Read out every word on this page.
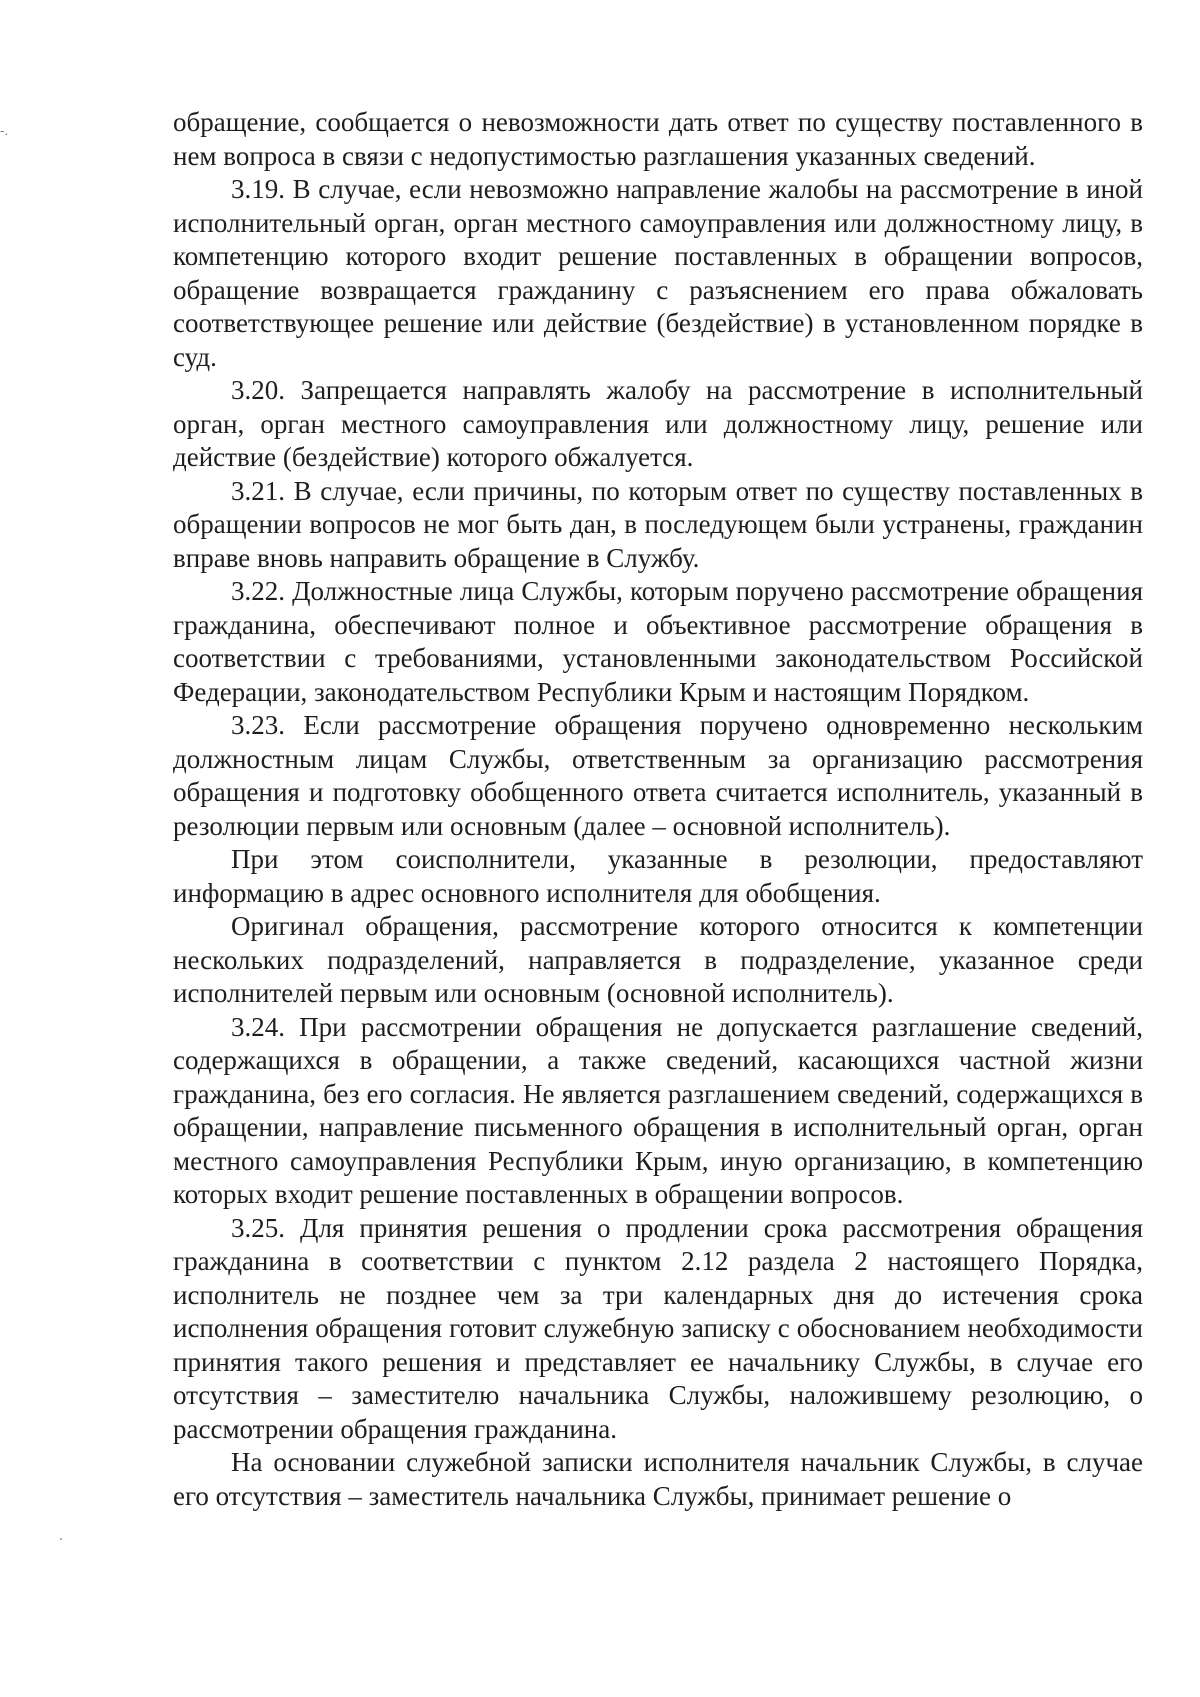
-.	обращение, сообщается о невозможности дать ответ по существу поставленного в нем вопроса в связи с недопустимостью разглашения указанных сведений.

3.19. В случае, если невозможно направление жалобы на рассмотрение в иной исполнительный орган, орган местного самоуправления или должностному лицу, в компетенцию которого входит решение поставленных в обращении вопросов, обращение возвращается гражданину с разъяснением его права обжаловать соответствующее решение или действие (бездействие) в установленном порядке в суд.

3.20. Запрещается направлять жалобу на рассмотрение в исполнительный орган, орган местного самоуправления или должностному лицу, решение или действие (бездействие) которого обжалуется.

3.21. В случае, если причины, по которым ответ по существу поставленных в обращении вопросов не мог быть дан, в последующем были устранены, гражданин вправе вновь направить обращение в Службу.

3.22. Должностные лица Службы, которым поручено рассмотрение обращения гражданина, обеспечивают полное и объективное рассмотрение обращения в соответствии с требованиями, установленными законодательством Российской Федерации, законодательством Республики Крым и настоящим Порядком.

3.23. Если рассмотрение обращения поручено одновременно нескольким должностным лицам Службы, ответственным за организацию рассмотрения обращения и подготовку обобщенного ответа считается исполнитель, указанный в резолюции первым или основным (далее – основной исполнитель).

При этом соисполнители, указанные в резолюции, предоставляют информацию в адрес основного исполнителя для обобщения.

Оригинал обращения, рассмотрение которого относится к компетенции нескольких подразделений, направляется в подразделение, указанное среди исполнителей первым или основным (основной исполнитель).

3.24. При рассмотрении обращения не допускается разглашение сведений, содержащихся в обращении, а также сведений, касающихся частной жизни гражданина, без его согласия. Не является разглашением сведений, содержащихся в обращении, направление письменного обращения в исполнительный орган, орган местного самоуправления Республики Крым, иную организацию, в компетенцию которых входит решение поставленных в обращении вопросов.

3.25. Для принятия решения о продлении срока рассмотрения обращения гражданина в соответствии с пунктом 2.12 раздела 2 настоящего Порядка, исполнитель не позднее чем за три календарных дня до истечения срока исполнения обращения готовит служебную записку с обоснованием необходимости принятия такого решения и представляет ее начальнику Службы, в случае его отсутствия – заместителю начальника Службы, наложившему резолюцию, о рассмотрении обращения гражданина.

На основании служебной записки исполнителя начальник Службы, в случае его отсутствия – заместитель начальника Службы, принимает решение о
